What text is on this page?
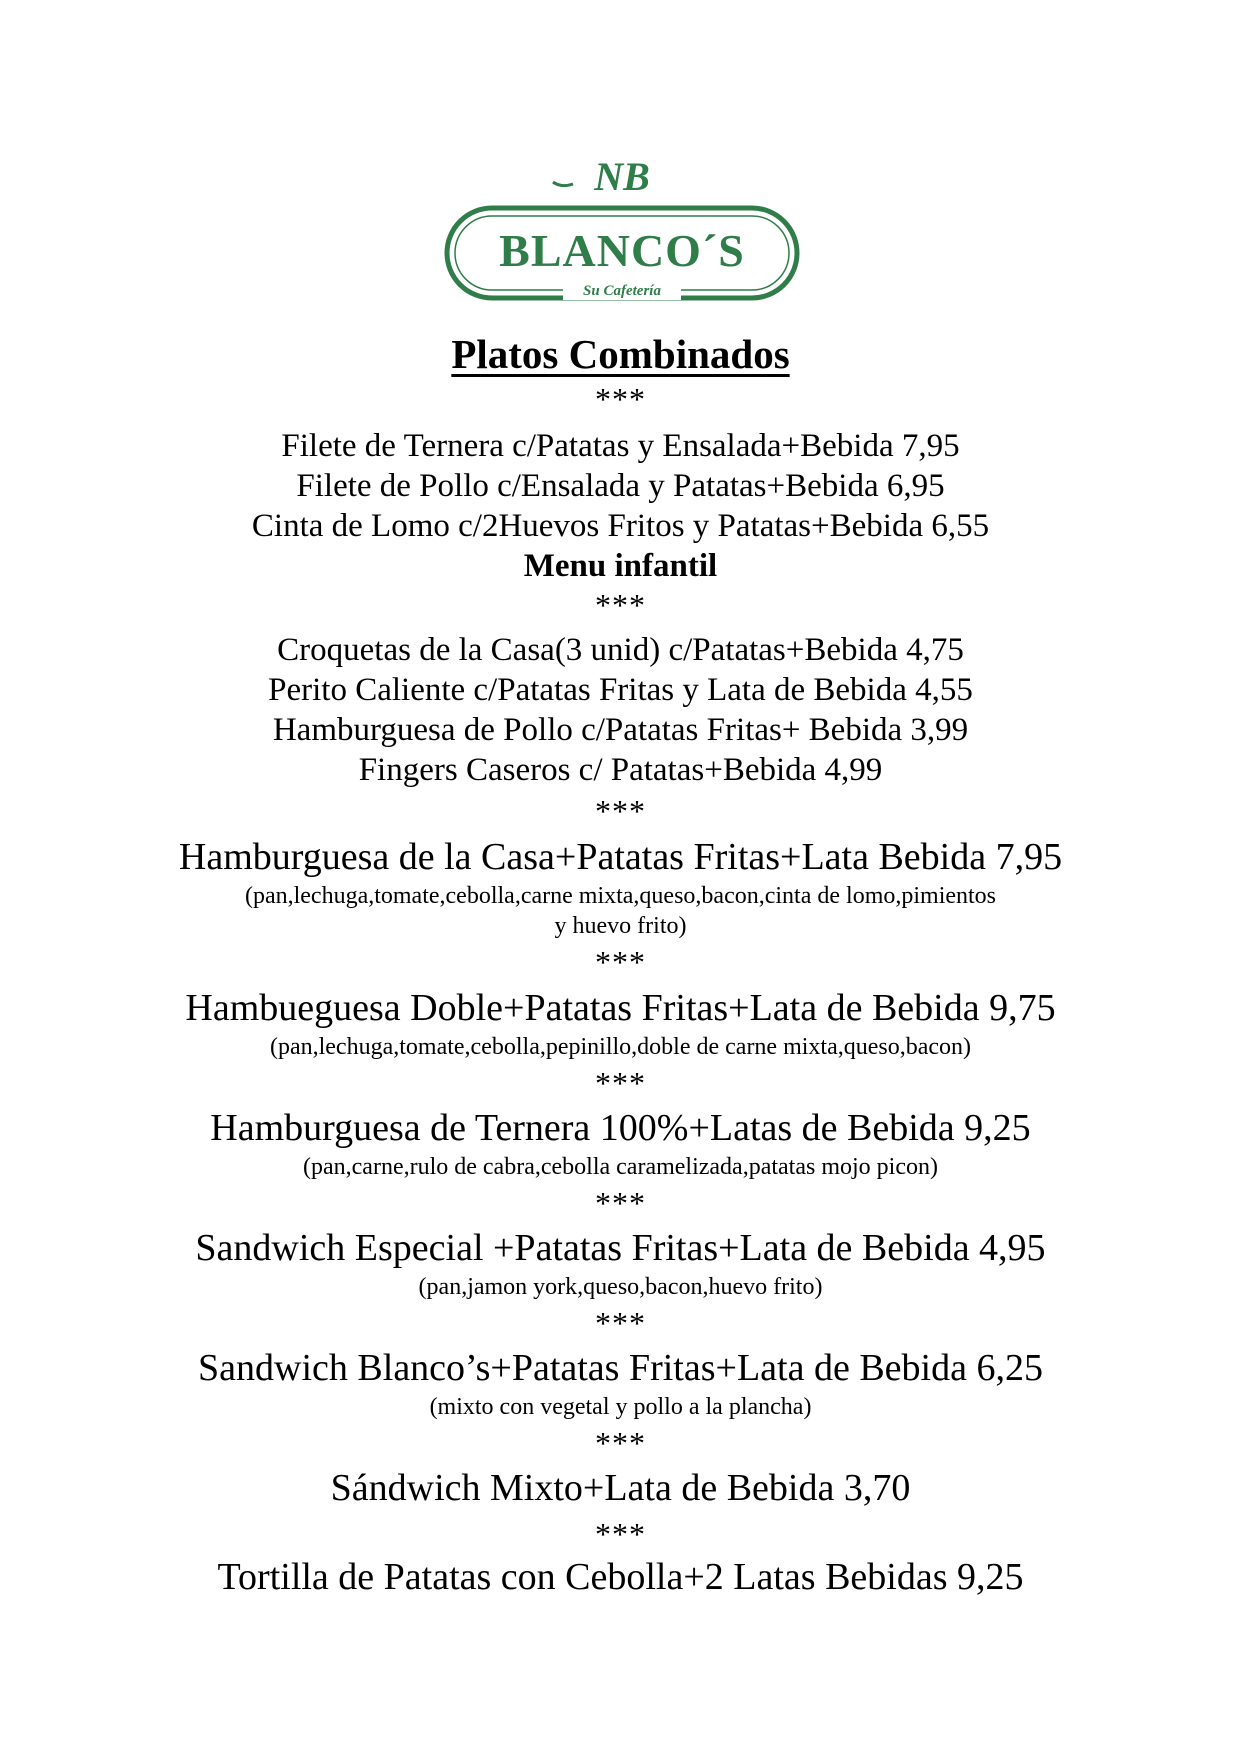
NB
BLANCO´S
Su Cafetería
Platos Combinados
***
Filete de Ternera c/Patatas y Ensalada+Bebida 7,95
Filete de Pollo c/Ensalada y Patatas+Bebida 6,95
Cinta de Lomo c/2Huevos Fritos y Patatas+Bebida 6,55
Menu infantil
***
Croquetas de la Casa(3 unid) c/Patatas+Bebida 4,75
Perito Caliente c/Patatas Fritas y Lata de Bebida 4,55
Hamburguesa de Pollo c/Patatas Fritas+ Bebida 3,99
Fingers Caseros c/ Patatas+Bebida 4,99
***
Hamburguesa de la Casa+Patatas Fritas+Lata Bebida 7,95
(pan,lechuga,tomate,cebolla,carne mixta,queso,bacon,cinta de lomo,pimientos
y huevo frito)
***
Hambueguesa Doble+Patatas Fritas+Lata de Bebida 9,75
(pan,lechuga,tomate,cebolla,pepinillo,doble de carne mixta,queso,bacon)
***
Hamburguesa de Ternera 100%+Latas de Bebida 9,25
(pan,carne,rulo de cabra,cebolla caramelizada,patatas mojo picon)
***
Sandwich Especial +Patatas Fritas+Lata de Bebida 4,95
(pan,jamon york,queso,bacon,huevo frito)
***
Sandwich Blanco’s+Patatas Fritas+Lata de Bebida 6,25
(mixto con vegetal y pollo a la plancha)
***
Sándwich Mixto+Lata de Bebida 3,70
***
Tortilla de Patatas con Cebolla+2 Latas Bebidas 9,25
